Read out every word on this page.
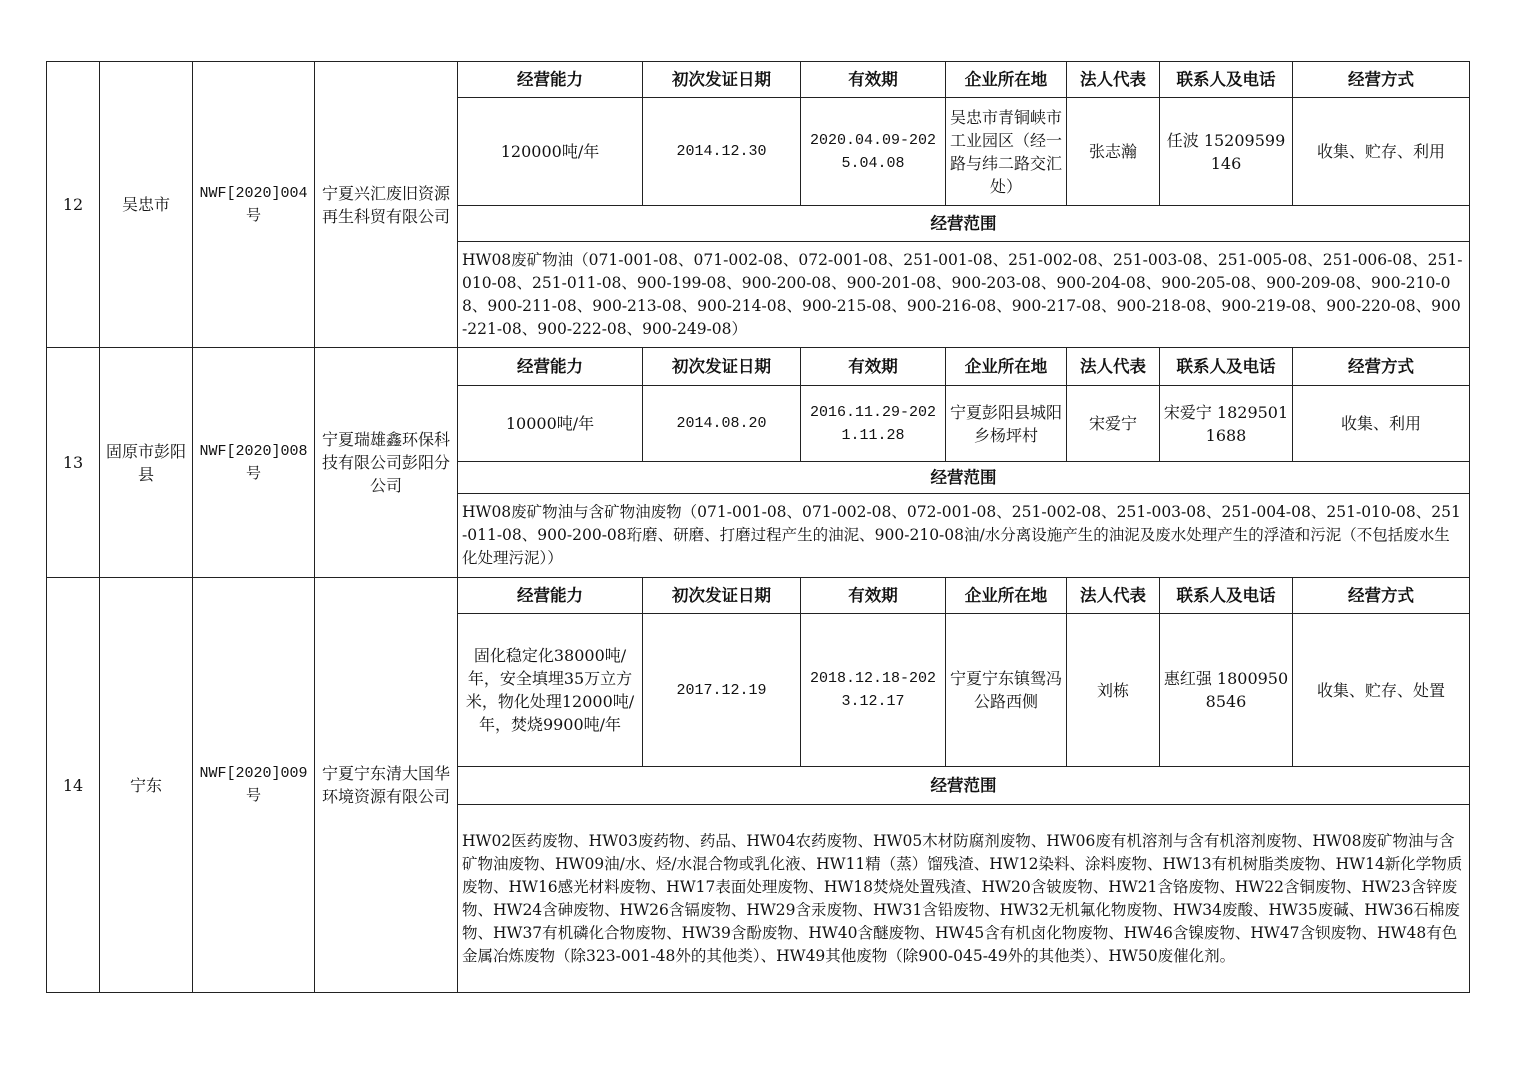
12	吴忠市	NWF[2020]004号	宁夏兴汇废旧资源再生科贸有限公司	经营能力	初次发证日期	有效期	企业所在地	法人代表	联系人及电话	经营方式
				120000吨/年	2014.12.30	2020.04.09-2025.04.08	吴忠市青铜峡市工业园区（经一路与纬二路交汇处）	张志瀚	任波 15209599146	收集、贮存、利用
				经营范围						
				HW08废矿物油（071-001-08、071-002-08、072-001-08、251-001-08、251-002-08、251-003-08、251-005-08、251-006-08、251-010-08、251-011-08、900-199-08、900-200-08、900-201-08、900-203-08、900-204-08、900-205-08、900-209-08、900-210-08、900-211-08、900-213-08、900-214-08、900-215-08、900-216-08、900-217-08、900-218-08、900-219-08、900-220-08、900-221-08、900-222-08、900-249-08）						
13	固原市彭阳县	NWF[2020]008号	宁夏瑞雄鑫环保科技有限公司彭阳分公司	经营能力	初次发证日期	有效期	企业所在地	法人代表	联系人及电话	经营方式
				10000吨/年	2014.08.20	2016.11.29-2021.11.28	宁夏彭阳县城阳乡杨坪村	宋爱宁	宋爱宁 18295011688	收集、利用
				经营范围						
				HW08废矿物油与含矿物油废物（071-001-08、071-002-08、072-001-08、251-002-08、251-003-08、251-004-08、251-010-08、251-011-08、900-200-08珩磨、研磨、打磨过程产生的油泥、900-210-08油/水分离设施产生的油泥及废水处理产生的浮渣和污泥（不包括废水生化处理污泥））						
14	宁东	NWF[2020]009号	宁夏宁东清大国华环境资源有限公司	经营能力	初次发证日期	有效期	企业所在地	法人代表	联系人及电话	经营方式
				固化稳定化38000吨/年，安全填埋35万立方米，物化处理12000吨/年，焚烧9900吨/年	2017.12.19	2018.12.18-2023.12.17	宁夏宁东镇鸳冯公路西侧	刘栋	惠红强 18009508546	收集、贮存、处置
				经营范围						
				HW02医药废物、HW03废药物、药品、HW04农药废物、HW05木材防腐剂废物、HW06废有机溶剂与含有机溶剂废物、HW08废矿物油与含矿物油废物、HW09油/水、烃/水混合物或乳化液、HW11精（蒸）馏残渣、HW12染料、涂料废物、HW13有机树脂类废物、HW14新化学物质废物、HW16感光材料废物、HW17表面处理废物、HW18焚烧处置残渣、HW20含铍废物、HW21含铬废物、HW22含铜废物、HW23含锌废物、HW24含砷废物、HW26含镉废物、HW29含汞废物、HW31含铅废物、HW32无机氟化物废物、HW34废酸、HW35废碱、HW36石棉废物、HW37有机磷化合物废物、HW39含酚废物、HW40含醚废物、HW45含有机卤化物废物、HW46含镍废物、HW47含钡废物、HW48有色金属冶炼废物（除323-001-48外的其他类）、HW49其他废物（除900-045-49外的其他类）、HW50废催化剂。						
